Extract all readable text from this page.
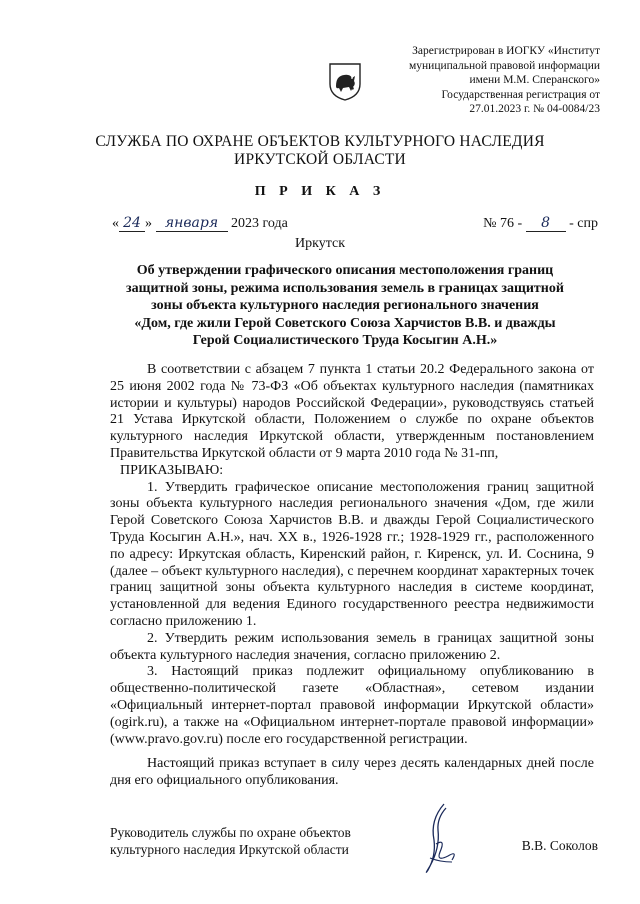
Зарегистрирован в ИОГКУ «Институт
муниципальной правовой информации
имени М.М. Сперанского»
Государственная регистрация от
27.01.2023 г. № 04-0084/23
СЛУЖБА ПО ОХРАНЕ ОБЪЕКТОВ КУЛЬТУРНОГО НАСЛЕДИЯ
ИРКУТСКОЙ ОБЛАСТИ
П Р И К А З
« 24 » января 2023 года	№ 76 - 8 - спр
Иркутск
Об утверждении графического описания местоположения границ
защитной зоны, режима использования земель в границах защитной
зоны объекта культурного наследия регионального значения
«Дом, где жили Герой Советского Союза Харчистов В.В. и дважды
Герой Социалистического Труда Косыгин А.Н.»

В соответствии с абзацем 7 пункта 1 статьи 20.2 Федерального закона от 25 июня 2002 года № 73-ФЗ «Об объектах культурного наследия (памятниках истории и культуры) народов Российской Федерации», руководствуясь статьей 21 Устава Иркутской области, Положением о службе по охране объектов культурного наследия Иркутской области, утвержденным постановлением Правительства Иркутской области от 9 марта 2010 года № 31-пп,

ПРИКАЗЫВАЮ:

1. Утвердить графическое описание местоположения границ защитной зоны объекта культурного наследия регионального значения «Дом, где жили Герой Советского Союза Харчистов В.В. и дважды Герой Социалистического Труда Косыгин А.Н.», нач. XX в., 1926-1928 гг.; 1928-1929 гг., расположенного по адресу: Иркутская область, Киренский район, г. Киренск, ул. И. Соснина, 9 (далее – объект культурного наследия), с перечнем координат характерных точек границ защитной зоны объекта культурного наследия в системе координат, установленной для ведения Единого государственного реестра недвижимости согласно приложению 1.

2. Утвердить режим использования земель в границах защитной зоны объекта культурного наследия значения, согласно приложению 2.

3. Настоящий приказ подлежит официальному опубликованию в общественно-политической газете «Областная», сетевом издании «Официальный интернет-портал правовой информации Иркутской области» (ogirk.ru), а также на «Официальном интернет-портале правовой информации» (www.pravo.gov.ru) после его государственной регистрации.

Настоящий приказ вступает в силу через десять календарных дней после дня его официального опубликования.

Руководитель службы по охране объектов
культурного наследия Иркутской области	В.В. Соколов
